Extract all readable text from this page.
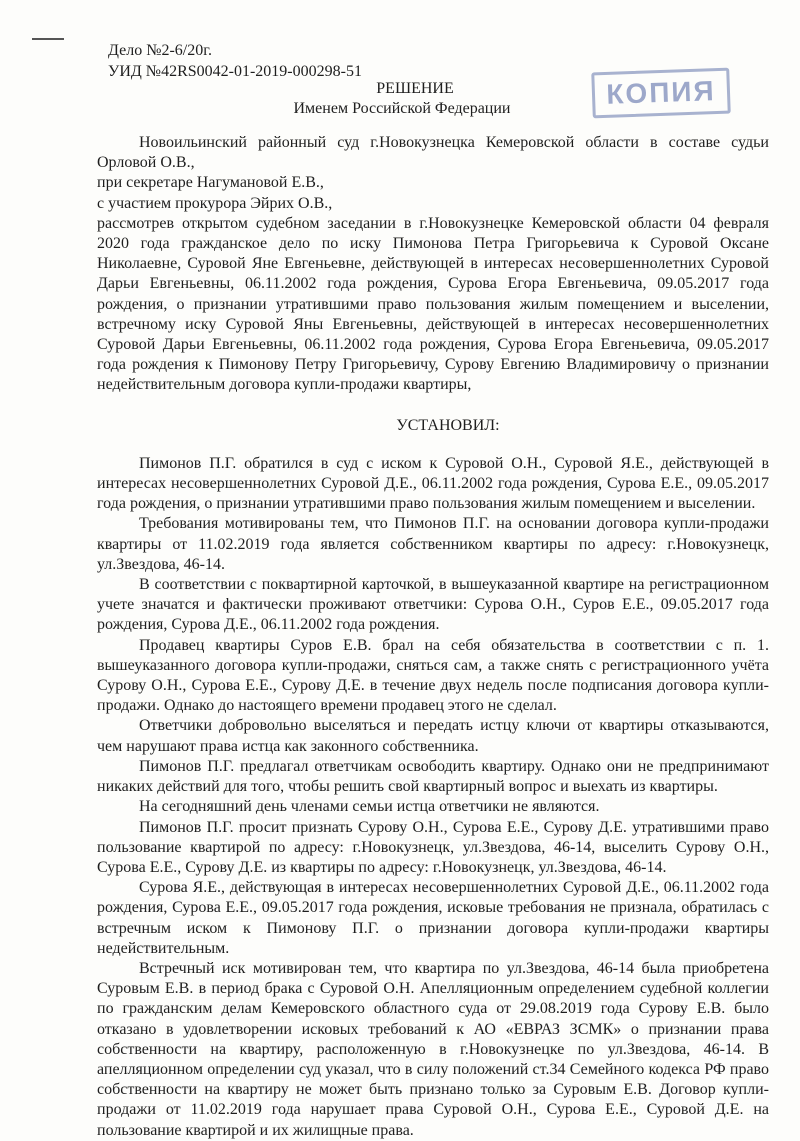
Дело №2-6/20г.
УИД №42RS0042-01-2019-000298-51
КОПИЯ
РЕШЕНИЕ
Именем Российской Федерации

Новоильинский районный суд г.Новокузнецка Кемеровской области в составе судьи Орловой О.В.,

при секретаре Нагумановой Е.В.,

с участием прокурора Эйрих О.В.,

рассмотрев открытом судебном заседании в г.Новокузнецке Кемеровской области 04 февраля 2020 года гражданское дело по иску Пимонова Петра Григорьевича к Суровой Оксане Николаевне, Суровой Яне Евгеньевне, действующей в интересах несовершеннолетних Суровой Дарьи Евгеньевны, 06.11.2002 года рождения, Сурова Егора Евгеньевича, 09.05.2017 года рождения, о признании утратившими право пользования жилым помещением и выселении, встречному иску Суровой Яны Евгеньевны, действующей в интересах несовершеннолетних Суровой Дарьи Евгеньевны, 06.11.2002 года рождения, Сурова Егора Евгеньевича, 09.05.2017 года рождения к Пимонову Петру Григорьевичу, Сурову Евгению Владимировичу о признании недействительным договора купли-продажи квартиры,

УСТАНОВИЛ:

Пимонов П.Г. обратился в суд с иском к Суровой О.Н., Суровой Я.Е., действующей в интересах несовершеннолетних Суровой Д.Е., 06.11.2002 года рождения, Сурова Е.Е., 09.05.2017 года рождения, о признании утратившими право пользования жилым помещением и выселении.

Требования мотивированы тем, что Пимонов П.Г. на основании договора купли-продажи квартиры от 11.02.2019 года является собственником квартиры по адресу: г.Новокузнецк, ул.Звездова, 46-14.

В соответствии с поквартирной карточкой, в вышеуказанной квартире на регистрационном учете значатся и фактически проживают ответчики: Сурова О.Н., Суров Е.Е., 09.05.2017 года рождения, Сурова Д.Е., 06.11.2002 года рождения.

Продавец квартиры Суров Е.В. брал на себя обязательства в соответствии с п. 1. вышеуказанного договора купли-продажи, сняться сам, а также снять с регистрационного учёта Сурову О.Н., Сурова Е.Е., Сурову Д.Е. в течение двух недель после подписания договора купли-продажи. Однако до настоящего времени продавец этого не сделал.

Ответчики добровольно выселяться и передать истцу ключи от квартиры отказываются, чем нарушают права истца как законного собственника.

Пимонов П.Г. предлагал ответчикам освободить квартиру. Однако они не предпринимают никаких действий для того, чтобы решить свой квартирный вопрос и выехать из квартиры.

На сегодняшний день членами семьи истца ответчики не являются.

Пимонов П.Г. просит признать Сурову О.Н., Сурова Е.Е., Сурову Д.Е. утратившими право пользование квартирой по адресу: г.Новокузнецк, ул.Звездова, 46-14, выселить Сурову О.Н., Сурова Е.Е., Сурову Д.Е. из квартиры по адресу: г.Новокузнецк, ул.Звездова, 46-14.

Сурова Я.Е., действующая в интересах несовершеннолетних Суровой Д.Е., 06.11.2002 года рождения, Сурова Е.Е., 09.05.2017 года рождения, исковые требования не признала, обратилась с встречным иском к Пимонову П.Г. о признании договора купли-продажи квартиры недействительным.

Встречный иск мотивирован тем, что квартира по ул.Звездова, 46-14 была приобретена Суровым Е.В. в период брака с Суровой О.Н. Апелляционным определением судебной коллегии по гражданским делам Кемеровского областного суда от 29.08.2019 года Сурову Е.В. было отказано в удовлетворении исковых требований к АО «ЕВРАЗ ЗСМК» о признании права собственности на квартиру, расположенную в г.Новокузнецке по ул.Звездова, 46-14. В апелляционном определении суд указал, что в силу положений ст.34 Семейного кодекса РФ право собственности на квартиру не может быть признано только за Суровым Е.В. Договор купли-продажи от 11.02.2019 года нарушает права Суровой О.Н., Сурова Е.Е., Суровой Д.Е. на пользование квартирой и их жилищные права.
